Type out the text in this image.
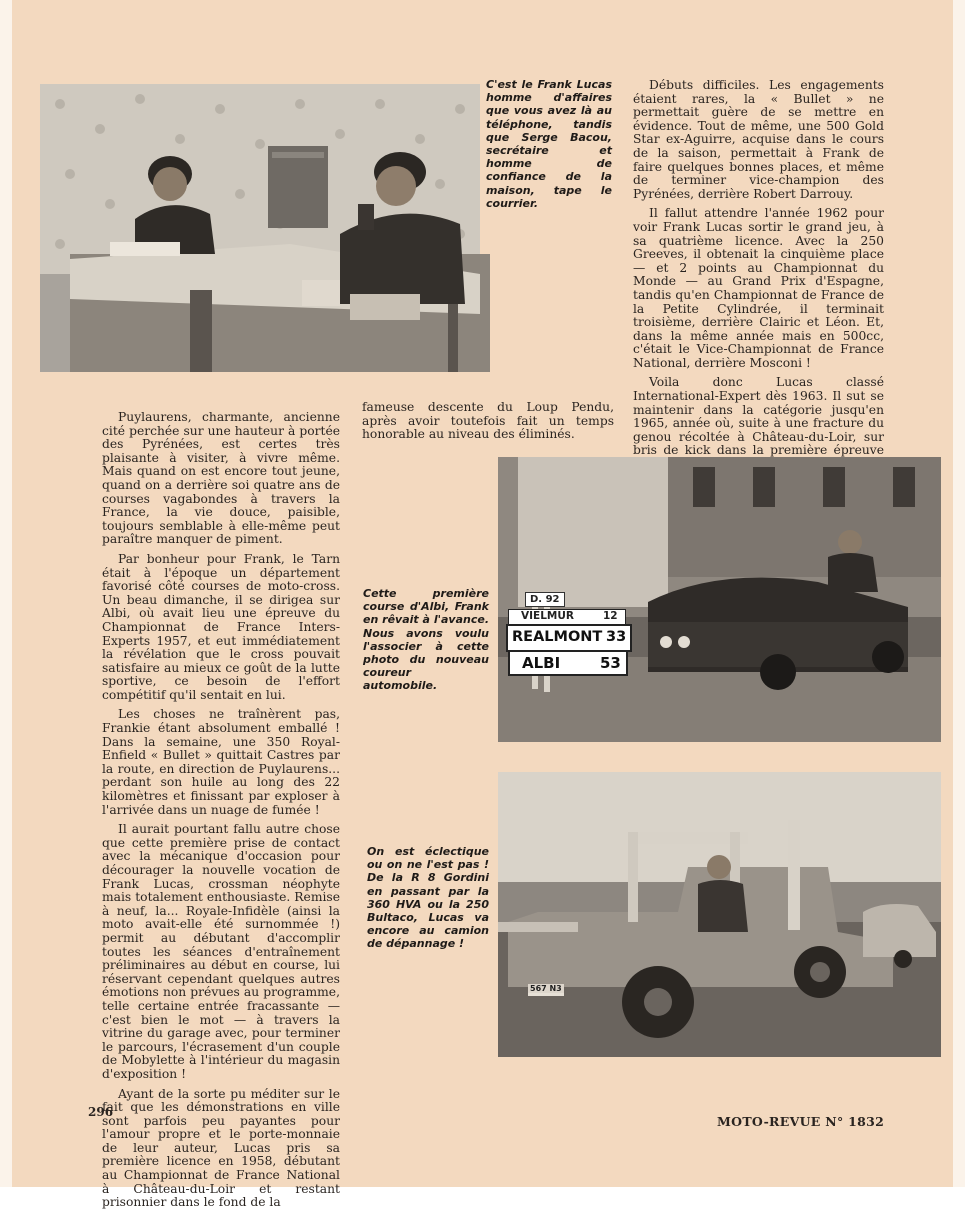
C'est le Frank Lucas homme d'affaires que vous avez là au téléphone, tandis que Serge Bacou, secrétaire et homme de confiance de la maison, tape le courrier.

Débuts difficiles. Les engagements étaient rares, la « Bullet » ne permettait guère de se mettre en évidence. Tout de même, une 500 Gold Star ex-Aguirre, acquise dans le cours de la saison, permettait à Frank de faire quelques bonnes places, et même de terminer vice-champion des Pyrénées, derrière Robert Darrouy.

Il fallut attendre l'année 1962 pour voir Frank Lucas sortir le grand jeu, à sa quatrième licence. Avec la 250 Greeves, il obtenait la cinquième place — et 2 points au Championnat du Monde — au Grand Prix d'Espagne, tandis qu'en Championnat de France de la Petite Cylindrée, il terminait troisième, derrière Clairic et Léon. Et, dans la même année mais en 500cc, c'était le Vice-Championnat de France National, derrière Mosconi !

Voila donc Lucas classé International-Expert dès 1963. Il sut se maintenir dans la catégorie jusqu'en 1965, année où, suite à une fracture du genou récoltée à Château-du-Loir, sur bris de kick dans la première épreuve

Puylaurens, charmante, ancienne cité perchée sur une hauteur à portée des Pyrénées, est certes très plaisante à visiter, à vivre même. Mais quand on est encore tout jeune, quand on a derrière soi quatre ans de courses vagabondes à travers la France, la vie douce, paisible, toujours semblable à elle-même peut paraître manquer de piment.

Par bonheur pour Frank, le Tarn était à l'époque un département favorisé côté courses de moto-cross. Un beau dimanche, il se dirigea sur Albi, où avait lieu une épreuve du Championnat de France Inters-Experts 1957, et eut immédiatement la révélation que le cross pouvait satisfaire au mieux ce goût de la lutte sportive, ce besoin de l'effort compétitif qu'il sentait en lui.

Les choses ne traînèrent pas, Frankie étant absolument emballé ! Dans la semaine, une 350 Royal-Enfield « Bullet » quittait Castres par la route, en direction de Puylaurens... perdant son huile au long des 22 kilomètres et finissant par exploser à l'arrivée dans un nuage de fumée !

Il aurait pourtant fallu autre chose que cette première prise de contact avec la mécanique d'occasion pour décourager la nouvelle vocation de Frank Lucas, crossman néophyte mais totalement enthousiaste. Remise à neuf, la... Royale-Infidèle (ainsi la moto avait-elle été surnommée !) permit au débutant d'accomplir toutes les séances d'entraînement préliminaires au début en course, lui réservant cependant quelques autres émotions non prévues au programme, telle certaine entrée fracassante — c'est bien le mot — à travers la vitrine du garage avec, pour terminer le parcours, l'écrasement d'un couple de Mobylette à l'intérieur du magasin d'exposition !

Ayant de la sorte pu méditer sur le fait que les démonstrations en ville sont parfois peu payantes pour l'amour propre et le porte-monnaie de leur auteur, Lucas pris sa première licence en 1958, débutant au Championnat de France National à Château-du-Loir et restant prisonnier dans le fond de la

fameuse descente du Loup Pendu, après avoir toutefois fait un temps honorable au niveau des éliminés.

D. 92
VIELMUR	12
REALMONT 33
ALBI	53

Cette première course d'Albi, Frank en rêvait à l'avance. Nous avons voulu l'associer à cette photo du nouveau coureur automobile.

567 N3

On est éclectique ou on ne l'est pas ! De la R 8 Gordini en passant par la 360 HVA ou la 250 Bultaco, Lucas va encore au camion de dépannage !

296
MOTO-REVUE N° 1832
